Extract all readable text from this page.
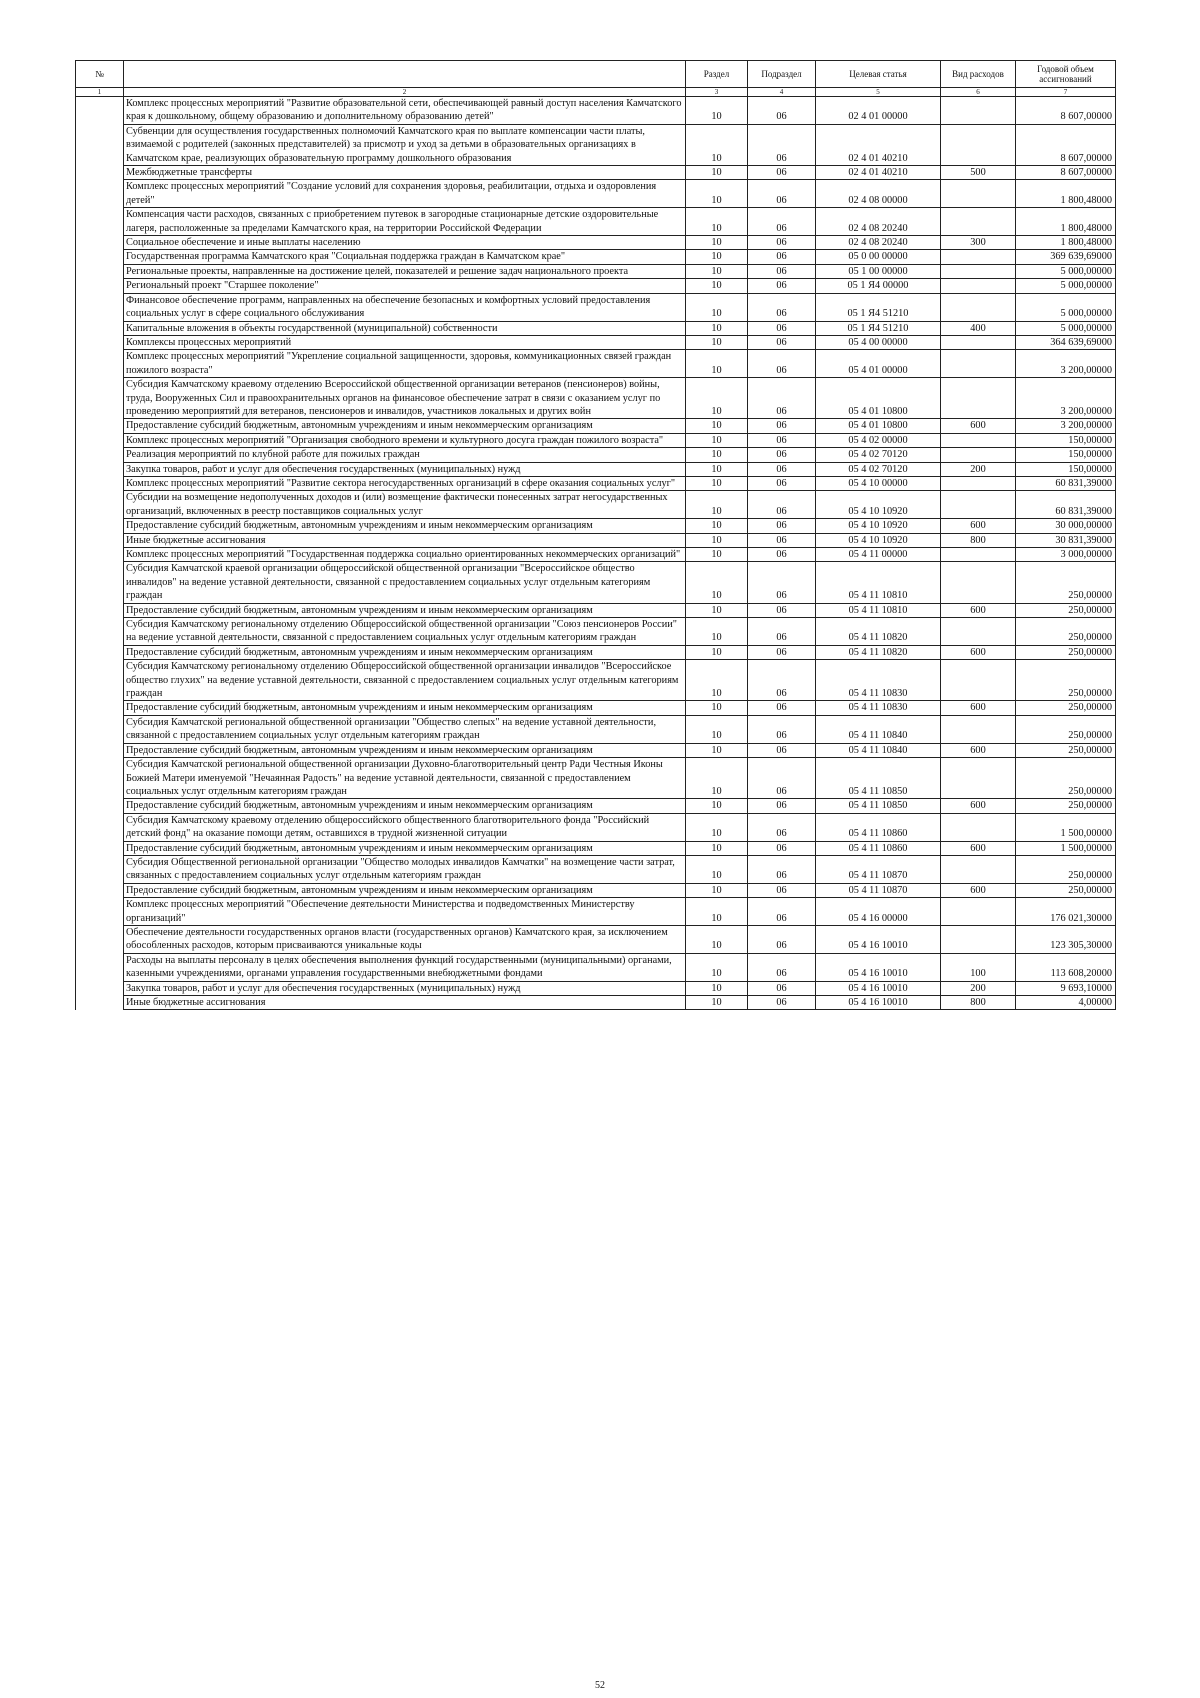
№		Раздел	Подраздел	Целевая статья	Вид расходов	Годовой объем ассигнований
1	2	3	4	5	6	7
	Комплекс процессных мероприятий "Развитие образовательной сети, обеспечивающей равный доступ населения Камчатского края к дошкольному, общему образованию и дополнительному образованию детей"	10	06	02 4 01 00000		8 607,00000
	Субвенции для осуществления государственных полномочий Камчатского края по выплате компенсации части платы, взимаемой с родителей (законных представителей) за присмотр и уход за детьми в образовательных организациях в Камчатском крае, реализующих образовательную программу дошкольного образования	10	06	02 4 01 40210		8 607,00000
	Межбюджетные трансферты	10	06	02 4 01 40210	500	8 607,00000
	Комплекс процессных мероприятий "Создание условий для сохранения здоровья, реабилитации, отдыха и оздоровления детей"	10	06	02 4 08 00000		1 800,48000
	Компенсация части расходов, связанных с приобретением путевок в загородные стационарные детские оздоровительные лагеря, расположенные за пределами Камчатского края, на территории Российской Федерации	10	06	02 4 08 20240		1 800,48000
	Социальное обеспечение и иные выплаты населению	10	06	02 4 08 20240	300	1 800,48000
	Государственная программа Камчатского края "Социальная поддержка граждан в Камчатском крае"	10	06	05 0 00 00000		369 639,69000
	Региональные проекты, направленные на достижение целей, показателей и решение задач национального проекта	10	06	05 1 00 00000		5 000,00000
	Региональный проект "Старшее поколение"	10	06	05 1 Я4 00000		5 000,00000
	Финансовое обеспечение программ, направленных на обеспечение безопасных и комфортных условий предоставления социальных услуг в сфере социального обслуживания	10	06	05 1 Я4 51210		5 000,00000
	Капитальные вложения в объекты государственной (муниципальной) собственности	10	06	05 1 Я4 51210	400	5 000,00000
	Комплексы процессных мероприятий	10	06	05 4 00 00000		364 639,69000
	Комплекс процессных мероприятий "Укрепление социальной защищенности, здоровья, коммуникационных связей граждан пожилого возраста"	10	06	05 4 01 00000		3 200,00000
	Субсидия Камчатскому краевому отделению Всероссийской общественной организации ветеранов (пенсионеров) войны, труда, Вооруженных Сил и правоохранительных органов на финансовое обеспечение затрат в связи с оказанием услуг по проведению мероприятий для ветеранов, пенсионеров и инвалидов, участников локальных и других войн	10	06	05 4 01 10800		3 200,00000
	Предоставление субсидий бюджетным, автономным учреждениям и иным некоммерческим организациям	10	06	05 4 01 10800	600	3 200,00000
	Комплекс процессных мероприятий "Организация свободного времени и культурного досуга граждан пожилого возраста"	10	06	05 4 02 00000		150,00000
	Реализация мероприятий по клубной работе для пожилых граждан	10	06	05 4 02 70120		150,00000
	Закупка товаров, работ и услуг для обеспечения государственных (муниципальных) нужд	10	06	05 4 02 70120	200	150,00000
	Комплекс процессных мероприятий "Развитие сектора негосударственных организаций в сфере оказания социальных услуг"	10	06	05 4 10 00000		60 831,39000
	Субсидии на возмещение недополученных доходов и (или) возмещение фактически понесенных затрат негосударственных организаций, включенных в реестр поставщиков социальных услуг	10	06	05 4 10 10920		60 831,39000
	Предоставление субсидий бюджетным, автономным учреждениям и иным некоммерческим организациям	10	06	05 4 10 10920	600	30 000,00000
	Иные бюджетные ассигнования	10	06	05 4 10 10920	800	30 831,39000
	Комплекс процессных мероприятий "Государственная поддержка социально ориентированных некоммерческих организаций"	10	06	05 4 11 00000		3 000,00000
	Субсидия Камчатской краевой организации общероссийской общественной организации "Всероссийское общество инвалидов" на ведение уставной деятельности, связанной с предоставлением социальных услуг отдельным категориям граждан	10	06	05 4 11 10810		250,00000
	Предоставление субсидий бюджетным, автономным учреждениям и иным некоммерческим организациям	10	06	05 4 11 10810	600	250,00000
	Субсидия Камчатскому региональному отделению Общероссийской общественной организации "Союз пенсионеров России" на ведение уставной деятельности, связанной с предоставлением социальных услуг отдельным категориям граждан	10	06	05 4 11 10820		250,00000
	Предоставление субсидий бюджетным, автономным учреждениям и иным некоммерческим организациям	10	06	05 4 11 10820	600	250,00000
	Субсидия Камчатскому региональному отделению Общероссийской общественной организации инвалидов "Всероссийское общество глухих" на ведение уставной деятельности, связанной с предоставлением социальных услуг отдельным категориям граждан	10	06	05 4 11 10830		250,00000
	Предоставление субсидий бюджетным, автономным учреждениям и иным некоммерческим организациям	10	06	05 4 11 10830	600	250,00000
	Субсидия Камчатской региональной общественной организации "Общество слепых" на ведение уставной деятельности, связанной с предоставлением социальных услуг отдельным категориям граждан	10	06	05 4 11 10840		250,00000
	Предоставление субсидий бюджетным, автономным учреждениям и иным некоммерческим организациям	10	06	05 4 11 10840	600	250,00000
	Субсидия Камчатской региональной общественной организации Духовно-благотворительный центр Ради Честныя Иконы Божией Матери именуемой "Нечаянная Радость" на ведение уставной деятельности, связанной с предоставлением социальных услуг отдельным категориям граждан	10	06	05 4 11 10850		250,00000
	Предоставление субсидий бюджетным, автономным учреждениям и иным некоммерческим организациям	10	06	05 4 11 10850	600	250,00000
	Субсидия Камчатскому краевому отделению общероссийского общественного благотворительного фонда "Российский детский фонд" на оказание помощи детям, оставшихся в трудной жизненной ситуации	10	06	05 4 11 10860		1 500,00000
	Предоставление субсидий бюджетным, автономным учреждениям и иным некоммерческим организациям	10	06	05 4 11 10860	600	1 500,00000
	Субсидия Общественной региональной организации "Общество молодых инвалидов Камчатки" на возмещение части затрат, связанных с предоставлением социальных услуг отдельным категориям граждан	10	06	05 4 11 10870		250,00000
	Предоставление субсидий бюджетным, автономным учреждениям и иным некоммерческим организациям	10	06	05 4 11 10870	600	250,00000
	Комплекс процессных мероприятий "Обеспечение деятельности Министерства и подведомственных Министерству организаций"	10	06	05 4 16 00000		176 021,30000
	Обеспечение деятельности государственных органов власти (государственных органов) Камчатского края, за исключением обособленных расходов, которым присваиваются уникальные коды	10	06	05 4 16 10010		123 305,30000
	Расходы на выплаты персоналу в целях обеспечения выполнения функций государственными (муниципальными) органами, казенными учреждениями, органами управления государственными внебюджетными фондами	10	06	05 4 16 10010	100	113 608,20000
	Закупка товаров, работ и услуг для обеспечения государственных (муниципальных) нужд	10	06	05 4 16 10010	200	9 693,10000
	Иные бюджетные ассигнования	10	06	05 4 16 10010	800	4,00000
52
